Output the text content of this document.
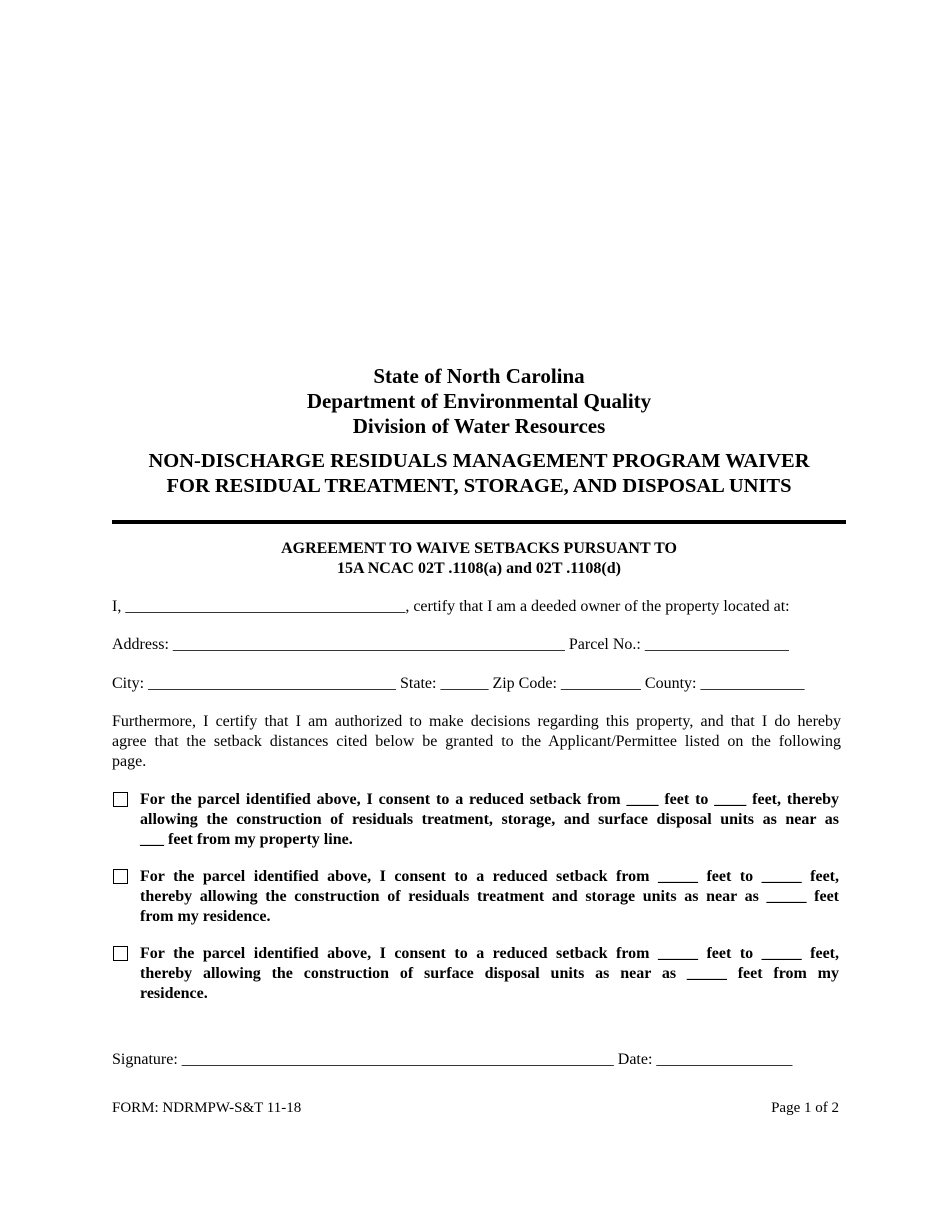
State of North Carolina
Department of Environmental Quality
Division of Water Resources
NON-DISCHARGE RESIDUALS MANAGEMENT PROGRAM WAIVER
FOR RESIDUAL TREATMENT, STORAGE, AND DISPOSAL UNITS
AGREEMENT TO WAIVE SETBACKS PURSUANT TO
15A NCAC 02T .1108(a) and 02T .1108(d)
I, ___________________________________, certify that I am a deeded owner of the property located at:
Address: _________________________________________________ Parcel No.: __________________
City: _______________________________ State: ______ Zip Code: __________ County: _____________
Furthermore, I certify that I am authorized to make decisions regarding this property, and that I do hereby
agree that the setback distances cited below be granted to the Applicant/Permittee listed on the following
page.
For the parcel identified above, I consent to a reduced setback from ____ feet to ____ feet, thereby
allowing the construction of residuals treatment, storage, and surface disposal units as near as
___ feet from my property line.
For the parcel identified above, I consent to a reduced setback from _____ feet to _____ feet,
thereby allowing the construction of residuals treatment and storage units as near as _____ feet
from my residence.
For the parcel identified above, I consent to a reduced setback from _____ feet to _____ feet,
thereby allowing the construction of surface disposal units as near as _____ feet from my
residence.
Signature: ______________________________________________________ Date: _________________
FORM: NDRMPW-S&T 11-18	Page 1 of 2
